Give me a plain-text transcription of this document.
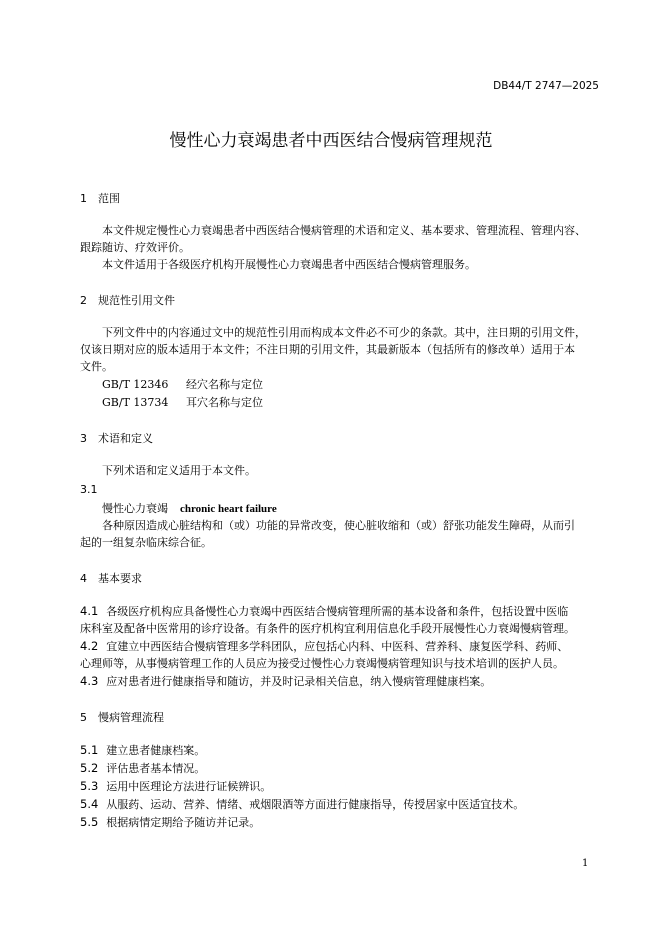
DB44/T 2747—2025
慢性心力衰竭患者中西医结合慢病管理规范
1 范围
本文件规定慢性心力衰竭患者中西医结合慢病管理的术语和定义、基本要求、管理流程、管理内容、
跟踪随访、疗效评价。
本文件适用于各级医疗机构开展慢性心力衰竭患者中西医结合慢病管理服务。
2 规范性引用文件
下列文件中的内容通过文中的规范性引用而构成本文件必不可少的条款。其中，注日期的引用文件，
仅该日期对应的版本适用于本文件；不注日期的引用文件，其最新版本（包括所有的修改单）适用于本
文件。
GB/T 12346 经穴名称与定位
GB/T 13734 耳穴名称与定位
3 术语和定义
下列术语和定义适用于本文件。
3.1
慢性心力衰竭 chronic heart failure
各种原因造成心脏结构和（或）功能的异常改变，使心脏收缩和（或）舒张功能发生障碍，从而引
起的一组复杂临床综合征。
4 基本要求
4.1 各级医疗机构应具备慢性心力衰竭中西医结合慢病管理所需的基本设备和条件，包括设置中医临
床科室及配备中医常用的诊疗设备。有条件的医疗机构宜利用信息化手段开展慢性心力衰竭慢病管理。
4.2 宜建立中西医结合慢病管理多学科团队，应包括心内科、中医科、营养科、康复医学科、药师、
心理师等，从事慢病管理工作的人员应为接受过慢性心力衰竭慢病管理知识与技术培训的医护人员。
4.3 应对患者进行健康指导和随访，并及时记录相关信息，纳入慢病管理健康档案。
5 慢病管理流程
5.1 建立患者健康档案。
5.2 评估患者基本情况。
5.3 运用中医理论方法进行证候辨识。
5.4 从服药、运动、营养、情绪、戒烟限酒等方面进行健康指导，传授居家中医适宜技术。
5.5 根据病情定期给予随访并记录。
1
